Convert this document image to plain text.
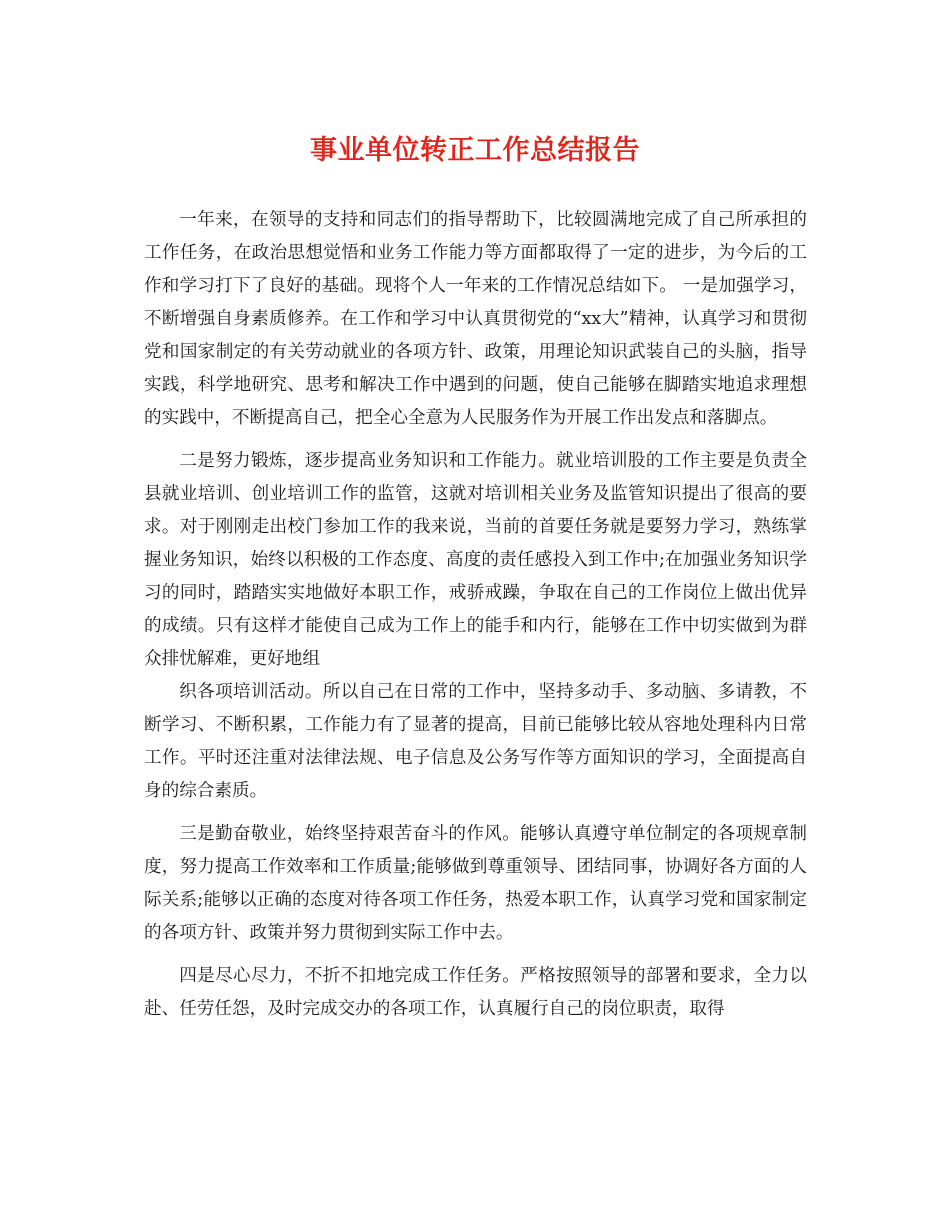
事业单位转正工作总结报告

一年来，在领导的支持和同志们的指导帮助下，比较圆满地完成了自己所承担的工作任务，在政治思想觉悟和业务工作能力等方面都取得了一定的进步，为今后的工作和学习打下了良好的基础。现将个人一年来的工作情况总结如下。 一是加强学习，不断增强自身素质修养。在工作和学习中认真贯彻党的“xx大”精神，认真学习和贯彻党和国家制定的有关劳动就业的各项方针、政策，用理论知识武装自己的头脑，指导实践，科学地研究、思考和解决工作中遇到的问题，使自己能够在脚踏实地追求理想的实践中，不断提高自己，把全心全意为人民服务作为开展工作出发点和落脚点。

二是努力锻炼，逐步提高业务知识和工作能力。就业培训股的工作主要是负责全县就业培训、创业培训工作的监管，这就对培训相关业务及监管知识提出了很高的要求。对于刚刚走出校门参加工作的我来说，当前的首要任务就是要努力学习，熟练掌握业务知识，始终以积极的工作态度、高度的责任感投入到工作中;在加强业务知识学习的同时，踏踏实实地做好本职工作，戒骄戒躁，争取在自己的工作岗位上做出优异的成绩。只有这样才能使自己成为工作上的能手和内行，能够在工作中切实做到为群众排忧解难，更好地组

织各项培训活动。所以自己在日常的工作中，坚持多动手、多动脑、多请教，不断学习、不断积累，工作能力有了显著的提高，目前已能够比较从容地处理科内日常工作。平时还注重对法律法规、电子信息及公务写作等方面知识的学习，全面提高自身的综合素质。

三是勤奋敬业，始终坚持艰苦奋斗的作风。能够认真遵守单位制定的各项规章制度，努力提高工作效率和工作质量;能够做到尊重领导、团结同事，协调好各方面的人际关系;能够以正确的态度对待各项工作任务，热爱本职工作，认真学习党和国家制定的各项方针、政策并努力贯彻到实际工作中去。

四是尽心尽力，不折不扣地完成工作任务。严格按照领导的部署和要求，全力以赴、任劳任怨，及时完成交办的各项工作，认真履行自己的岗位职责，取得
